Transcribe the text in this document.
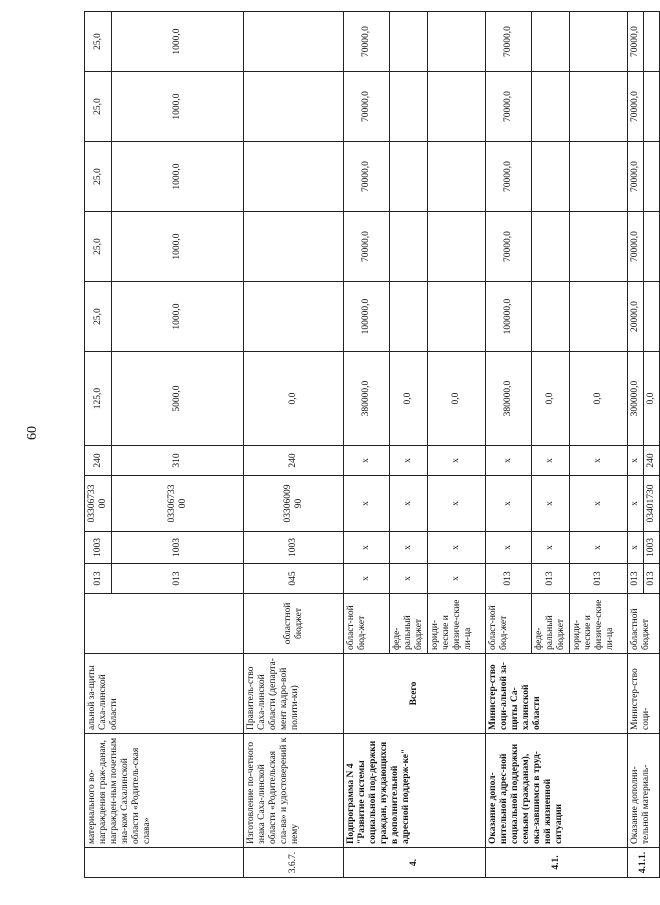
60
	материального во-награждения граж-данам, награжден-ным почетным зна-ком Сахалинской области «Родитель-ская слава»	альной за-щиты Саха-линской области		013	1003	03306733 00	240	125,0	25,0	25,0	25,0	25,0	25,0
				013	1003	03306733 00	310	5000,0	1000,0	1000,0	1000,0	1000,0	1000,0
3.6.7.	Изготовление по-четного знака Саха-линской области «Родительская сла-ва» и удостоверений к нему	Правитель-ство Саха-линской области (департа-мент кадро-вой полити-ки)	областной бюджет	045	1003	03306009 90	240	0,0					
4.	Подпрограмма N 4 "Развитие системы социальной под-держки граждан, нуждающихся в дополнительной адресной поддерж-ке"	Всего	област-ной бюд-жет	x	x	x	x	380000,0	100000,0	70000,0	70000,0	70000,0	70000,0
			феде-ральный бюджет	x	x	x	x	0,0					
			юриди-ческие и физиче-ские ли-ца	x	x	x	x	0,0					
4.1.	Оказание допол-нительной адрес-ной социальной поддержки семьям (гражданам), ока-завшимся в труд-ной жизненной ситуации	Министер-ство соци-альной за-щиты Са-халинской области	област-ной бюд-жет	013	x	x	x	380000,0	100000,0	70000,0	70000,0	70000,0	70000,0
			феде-ральный бюджет	013	x	x	x	0,0					
			юриди-ческие и физиче-ские ли-ца	013	x	x	x	0,0					
4.1.1.	Оказание дополни-тельной материаль-	Министер-ство соци-	областной бюджет	013	x	x	x	300000,0	20000,0	70000,0	70000,0	70000,0	70000,0
				013	1003	03401730	240	0,0					
